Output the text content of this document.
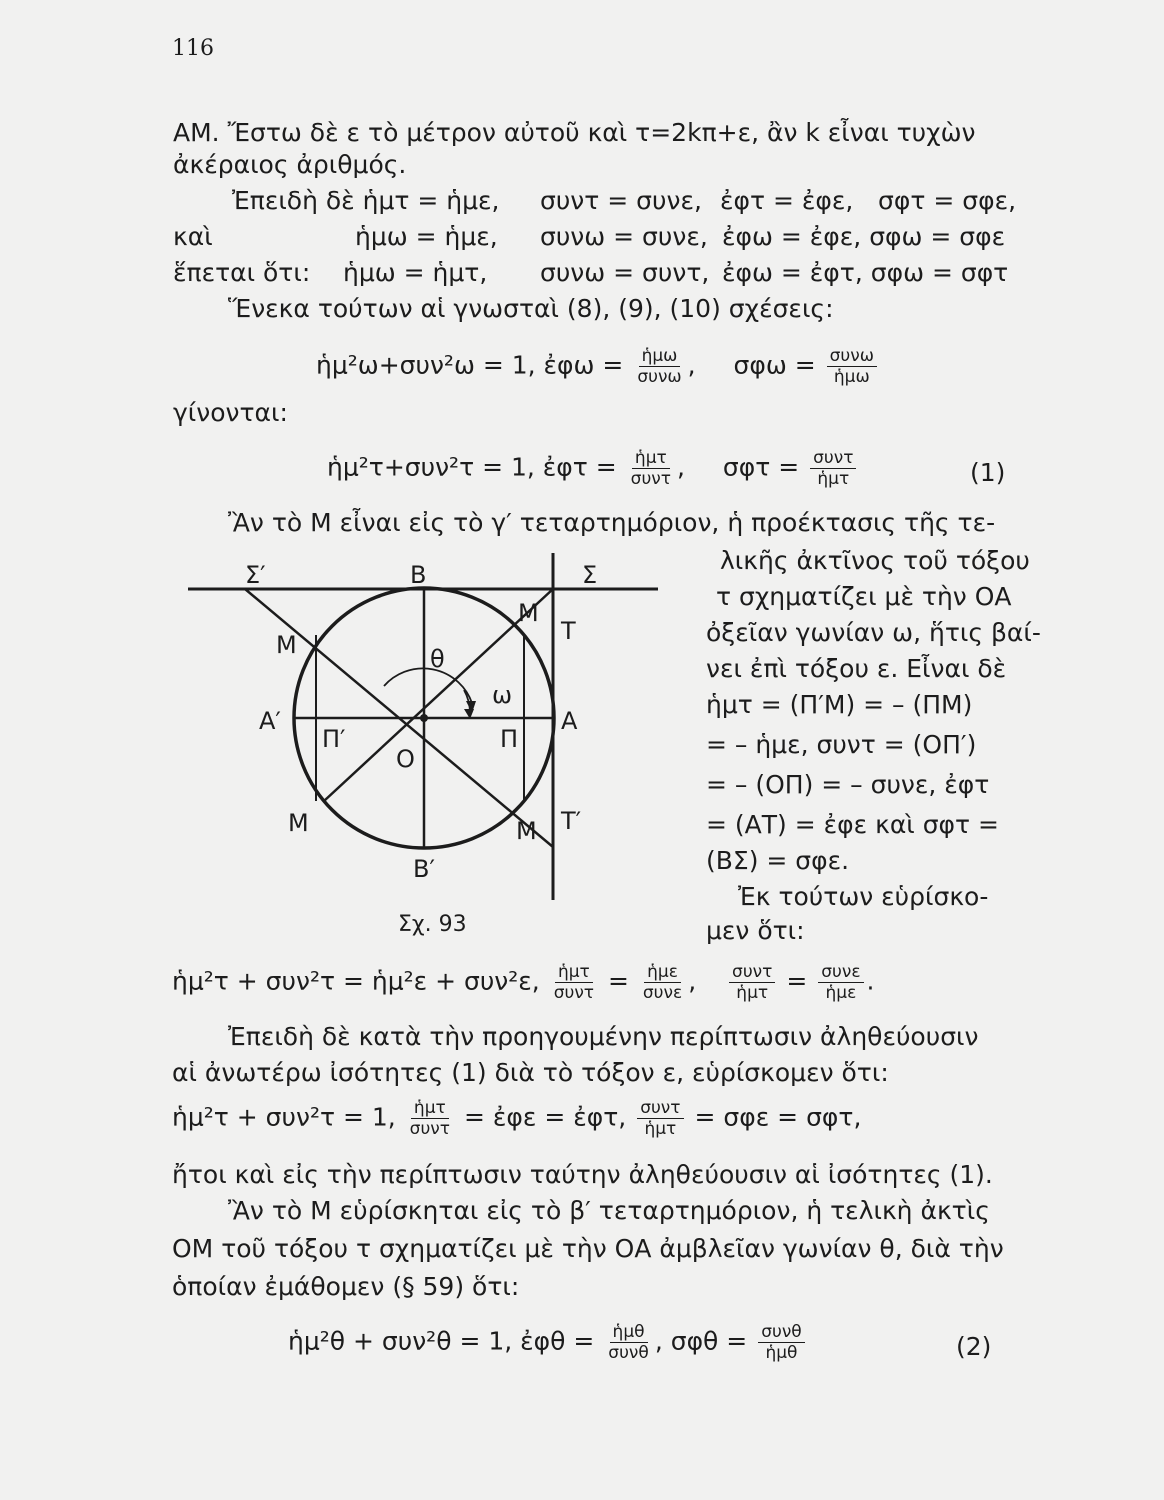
116
ΑΜ. Ἔστω δὲ ε τὸ μέτρον αὐτοῦ καὶ τ=2kπ+ε, ἂν k εἶναι τυχὼν
ἀκέραιος ἀριθμός.
Ἐπειδὴ δὲ ἡμτ = ἡμε, συντ = συνε, ἐφτ = ἐφε, σφτ = σφε,
καὶ	ἡμω = ἡμε, συνω = συνε, ἐφω = ἐφε, σφω = σφε
ἕπεται ὅτι: ἡμω = ἡμτ, συνω = συντ, ἐφω = ἐφτ, σφω = σφτ
Ἕνεκα τούτων αἱ γνωσταὶ (8), (9), (10) σχέσεις:
ἡμ²ω+συν²ω = 1, ἐφω = ἡμω
συνω ,  σφω = συνω
ἡμω
γίνονται:
ἡμ²τ+συν²τ = 1, ἐφτ = ἡμτ
συντ ,  σφτ = συντ
ἡμτ	(1)
Ἂν τὸ Μ εἶναι εἰς τὸ γ′ τεταρτημόριον, ἡ προέκτασις τῆς τε-
λικῆς ἀκτῖνος τοῦ τόξου
τ σχηματίζει μὲ τὴν ΟΑ
ὀξεῖαν γωνίαν ω, ἥτις βαί-
νει ἐπὶ τόξου ε. Εἶναι δὲ
ἡμτ = (Π′Μ) = – (ΠΜ)
= – ἡμε, συντ = (ΟΠ′)
= – (ΟΠ) = – συνε, ἐφτ
= (ΑΤ) = ἐφε καὶ σφτ =
(ΒΣ) = σφε.
Ἐκ τούτων εὑρίσκο-
μεν ὅτι:
Σ′	Β	Σ
Μ
Τ
Μ	θ
ω
Α′
Π′	Π
Α
Ο
Μ	Μ Τ′
Β′
Σχ. 93
ἡμ²τ + συν²τ = ἡμ²ε + συν²ε, ἡμτ
συντ = ἡμε
συνε , συντ
ἡμτ = συνε
ἡμε .
Ἐπειδὴ δὲ κατὰ τὴν προηγουμένην περίπτωσιν ἀληθεύουσιν
αἱ ἀνωτέρω ἰσότητες (1) διὰ τὸ τόξον ε, εὑρίσκομεν ὅτι:
ἡμ²τ + συν²τ = 1, ἡμτ
συντ = ἐφε = ἐφτ, συντ
ἡμτ = σφε = σφτ,
ἤτοι καὶ εἰς τὴν περίπτωσιν ταύτην ἀληθεύουσιν αἱ ἰσότητες (1).
Ἂν τὸ Μ εὑρίσκηται εἰς τὸ β′ τεταρτημόριον, ἡ τελικὴ ἀκτὶς
ΟΜ τοῦ τόξου τ σχηματίζει μὲ τὴν ΟΑ ἀμβλεῖαν γωνίαν θ, διὰ τὴν
ὁποίαν ἐμάθομεν (§ 59) ὅτι:
ἡμ²θ + συν²θ = 1, ἐφθ = ἡμθ
συνθ , σφθ = συνθ
ἡμθ	(2)
